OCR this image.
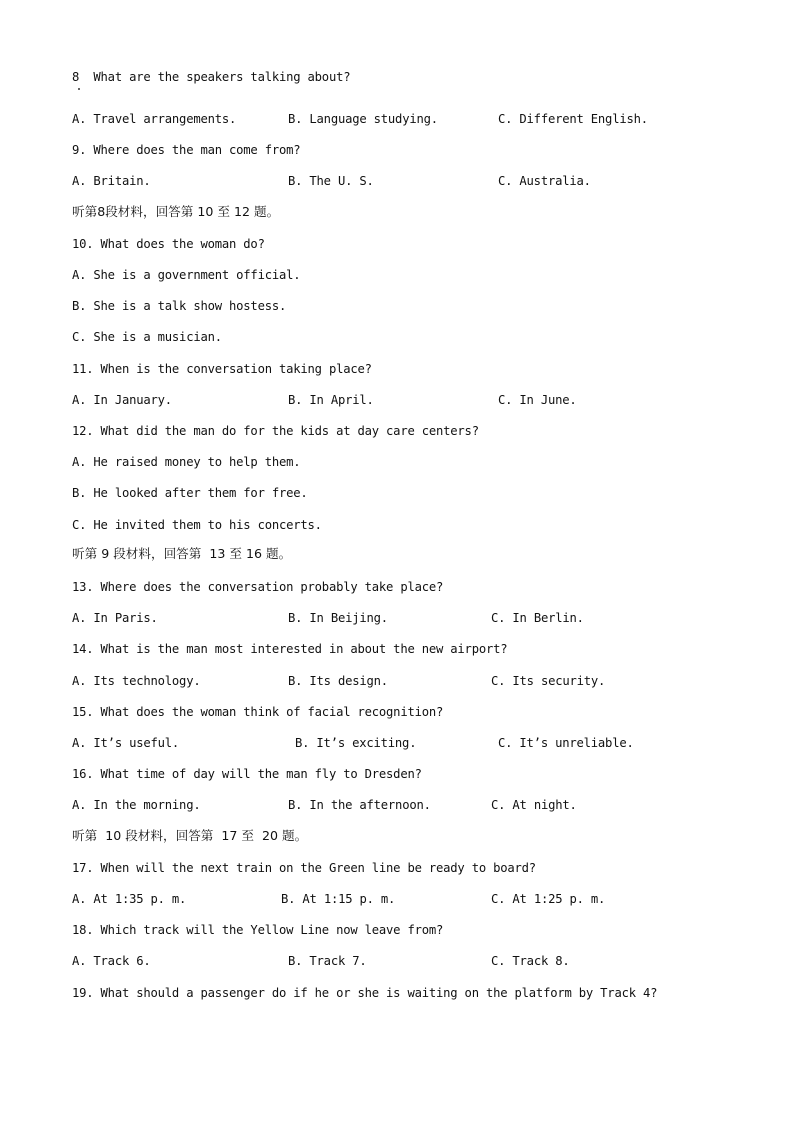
8  What are the speakers talking about?
A. Travel arrangements.	B. Language studying.	C. Different English.
9. Where does the man come from?
A. Britain.	B. The U. S.	C. Australia.
听第8段材料，回答第 10 至 12 题。
10. What does the woman do?
A. She is a government official.
B. She is a talk show hostess.
C. She is a musician.
11. When is the conversation taking place?
A. In January.	B. In April.	C. In June.
12. What did the man do for the kids at day care centers?
A. He raised money to help them.
B. He looked after them for free.
C. He invited them to his concerts.
听第 9 段材料，回答第  13 至 16 题。
13. Where does the conversation probably take place?
A. In Paris.	B. In Beijing.	C. In Berlin.
14. What is the man most interested in about the new airport?
A. Its technology.	B. Its design.	C. Its security.
15. What does the woman think of facial recognition?
A. It’s useful.	B. It’s exciting.	C. It’s unreliable.
16. What time of day will the man fly to Dresden?
A. In the morning.	B. In the afternoon.	C. At night.
听第  10 段材料，回答第  17 至  20 题。
17. When will the next train on the Green line be ready to board?
A. At 1:35 p. m.	B. At 1:15 p. m.	C. At 1:25 p. m.
18. Which track will the Yellow Line now leave from?
A. Track 6.	B. Track 7.	C. Track 8.
19. What should a passenger do if he or she is waiting on the platform by Track 4?
